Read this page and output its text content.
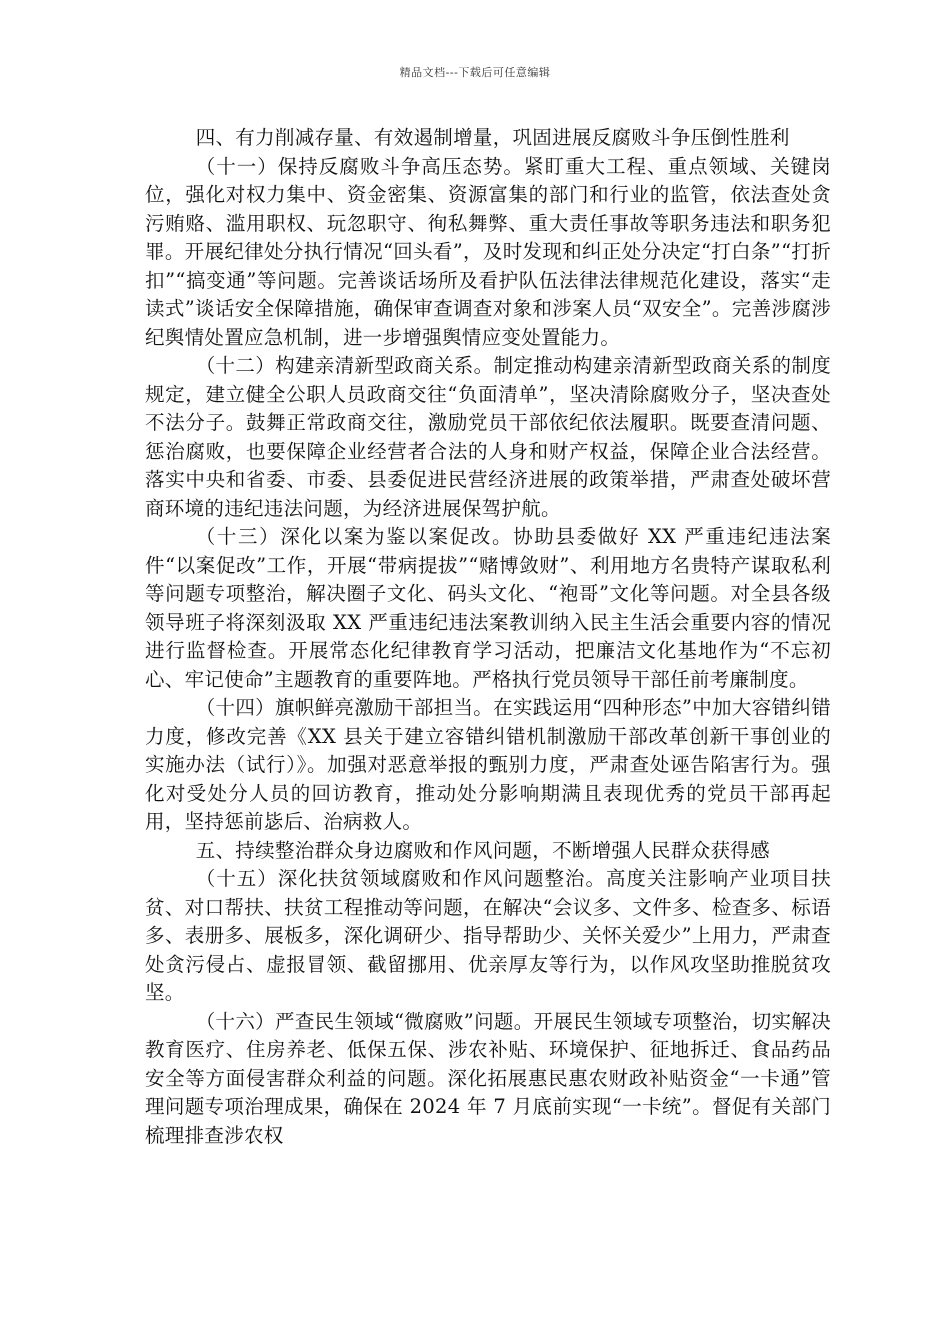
精品文档---下载后可任意编辑

四、有力削减存量、有效遏制增量，巩固进展反腐败斗争压倒性胜利

（十一）保持反腐败斗争高压态势。紧盯重大工程、重点领域、关键岗位，强化对权力集中、资金密集、资源富集的部门和行业的监管，依法查处贪污贿赂、滥用职权、玩忽职守、徇私舞弊、重大责任事故等职务违法和职务犯罪。开展纪律处分执行情况“回头看”，及时发现和纠正处分决定“打白条”“打折扣”“搞变通”等问题。完善谈话场所及看护队伍法律法律规范化建设，落实“走读式”谈话安全保障措施，确保审查调查对象和涉案人员“双安全”。完善涉腐涉纪舆情处置应急机制，进一步增强舆情应变处置能力。

（十二）构建亲清新型政商关系。制定推动构建亲清新型政商关系的制度规定，建立健全公职人员政商交往“负面清单”，坚决清除腐败分子，坚决查处不法分子。鼓舞正常政商交往，激励党员干部依纪依法履职。既要查清问题、惩治腐败，也要保障企业经营者合法的人身和财产权益，保障企业合法经营。落实中央和省委、市委、县委促进民营经济进展的政策举措，严肃查处破坏营商环境的违纪违法问题，为经济进展保驾护航。

（十三）深化以案为鉴以案促改。协助县委做好 XX 严重违纪违法案件“以案促改”工作，开展“带病提拔”“赌博敛财”、利用地方名贵特产谋取私利等问题专项整治，解决圈子文化、码头文化、“袍哥”文化等问题。对全县各级领导班子将深刻汲取 XX 严重违纪违法案教训纳入民主生活会重要内容的情况进行监督检查。开展常态化纪律教育学习活动，把廉洁文化基地作为“不忘初心、牢记使命”主题教育的重要阵地。严格执行党员领导干部任前考廉制度。

（十四）旗帜鲜亮激励干部担当。在实践运用“四种形态”中加大容错纠错力度，修改完善《XX 县关于建立容错纠错机制激励干部改革创新干事创业的实施办法（试行）》。加强对恶意举报的甄别力度，严肃查处诬告陷害行为。强化对受处分人员的回访教育，推动处分影响期满且表现优秀的党员干部再起用，坚持惩前毖后、治病救人。

五、持续整治群众身边腐败和作风问题，不断增强人民群众获得感

（十五）深化扶贫领域腐败和作风问题整治。高度关注影响产业项目扶贫、对口帮扶、扶贫工程推动等问题，在解决“会议多、文件多、检查多、标语多、表册多、展板多，深化调研少、指导帮助少、关怀关爱少”上用力，严肃查处贪污侵占、虚报冒领、截留挪用、优亲厚友等行为，以作风攻坚助推脱贫攻坚。

（十六）严查民生领域“微腐败”问题。开展民生领域专项整治，切实解决教育医疗、住房养老、低保五保、涉农补贴、环境保护、征地拆迁、食品药品安全等方面侵害群众利益的问题。深化拓展惠民惠农财政补贴资金“一卡通”管理问题专项治理成果，确保在 2024 年 7 月底前实现“一卡统”。督促有关部门梳理排查涉农权
